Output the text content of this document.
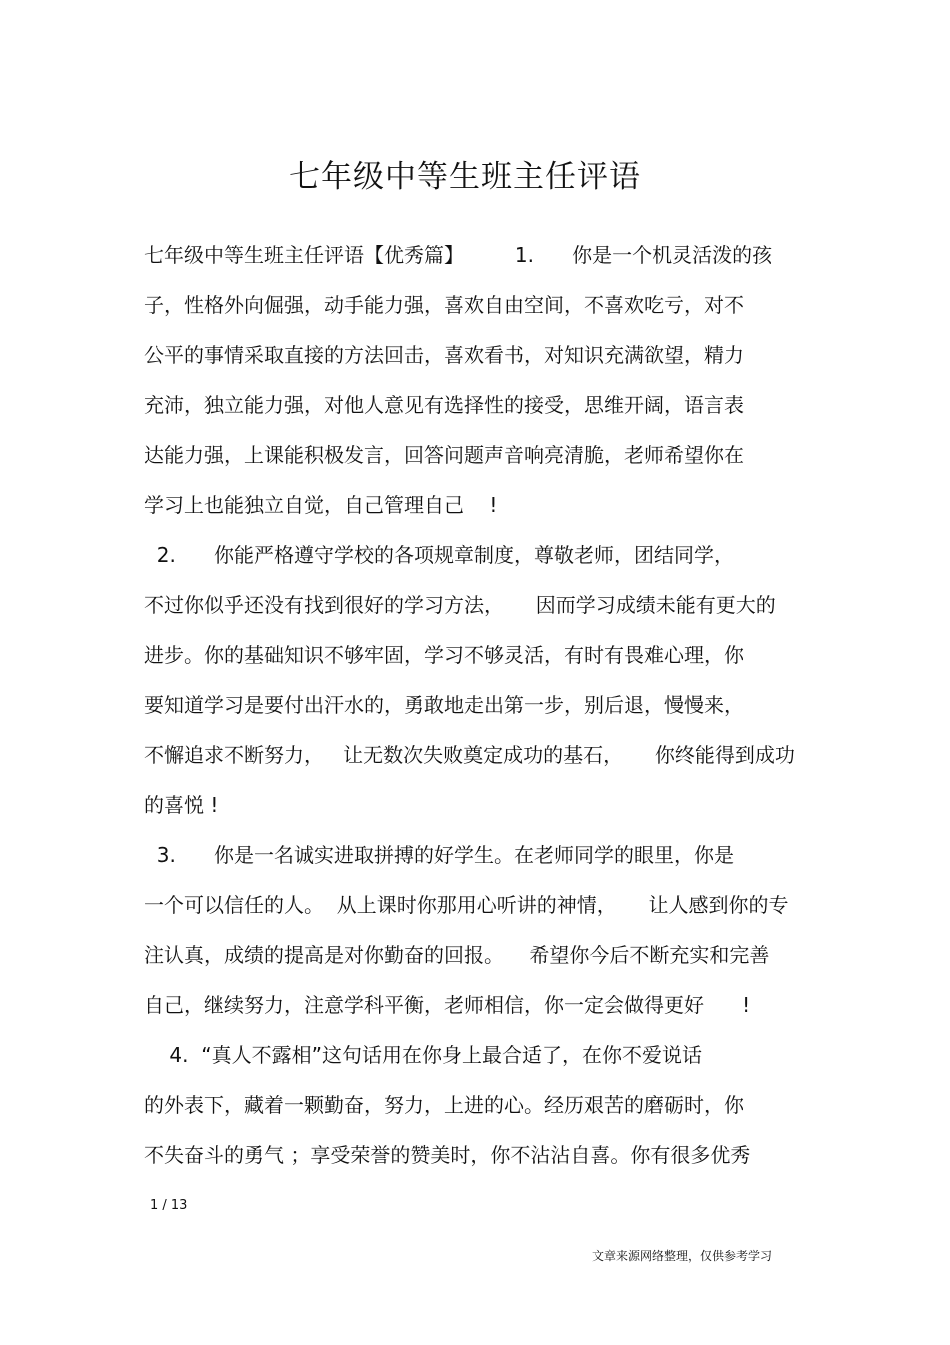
七年级中等生班主任评语

七年级中等生班主任评语【优秀篇】        1.      你是一个机灵活泼的孩

子，性格外向倔强，动手能力强，喜欢自由空间，不喜欢吃亏，对不

公平的事情采取直接的方法回击，喜欢看书，对知识充满欲望，精力

充沛，独立能力强，对他人意见有选择性的接受，思维开阔，语言表

达能力强，上课能积极发言，回答问题声音响亮清脆，老师希望你在

学习上也能独立自觉，自己管理自己    !

2.      你能严格遵守学校的各项规章制度，尊敬老师，团结同学，

不过你似乎还没有找到很好的学习方法，     因而学习成绩未能有更大的

进步。你的基础知识不够牢固，学习不够灵活，有时有畏难心理，你

要知道学习是要付出汗水的，勇敢地走出第一步，别后退，慢慢来，

不懈追求不断努力，   让无数次失败奠定成功的基石，     你终能得到成功

的喜悦 !

3.      你是一名诚实进取拼搏的好学生。在老师同学的眼里，你是

一个可以信任的人。  从上课时你那用心听讲的神情，     让人感到你的专

注认真，成绩的提高是对你勤奋的回报。    希望你今后不断充实和完善

自己，继续努力，注意学科平衡，老师相信，你一定会做得更好      !

4.  “真人不露相”这句话用在你身上最合适了，在你不爱说话

的外表下，藏着一颗勤奋，努力，上进的心。经历艰苦的磨砺时，你

不失奋斗的勇气 ；享受荣誉的赞美时，你不沾沾自喜。你有很多优秀

1 / 13
文章来源网络整理，仅供参考学习
